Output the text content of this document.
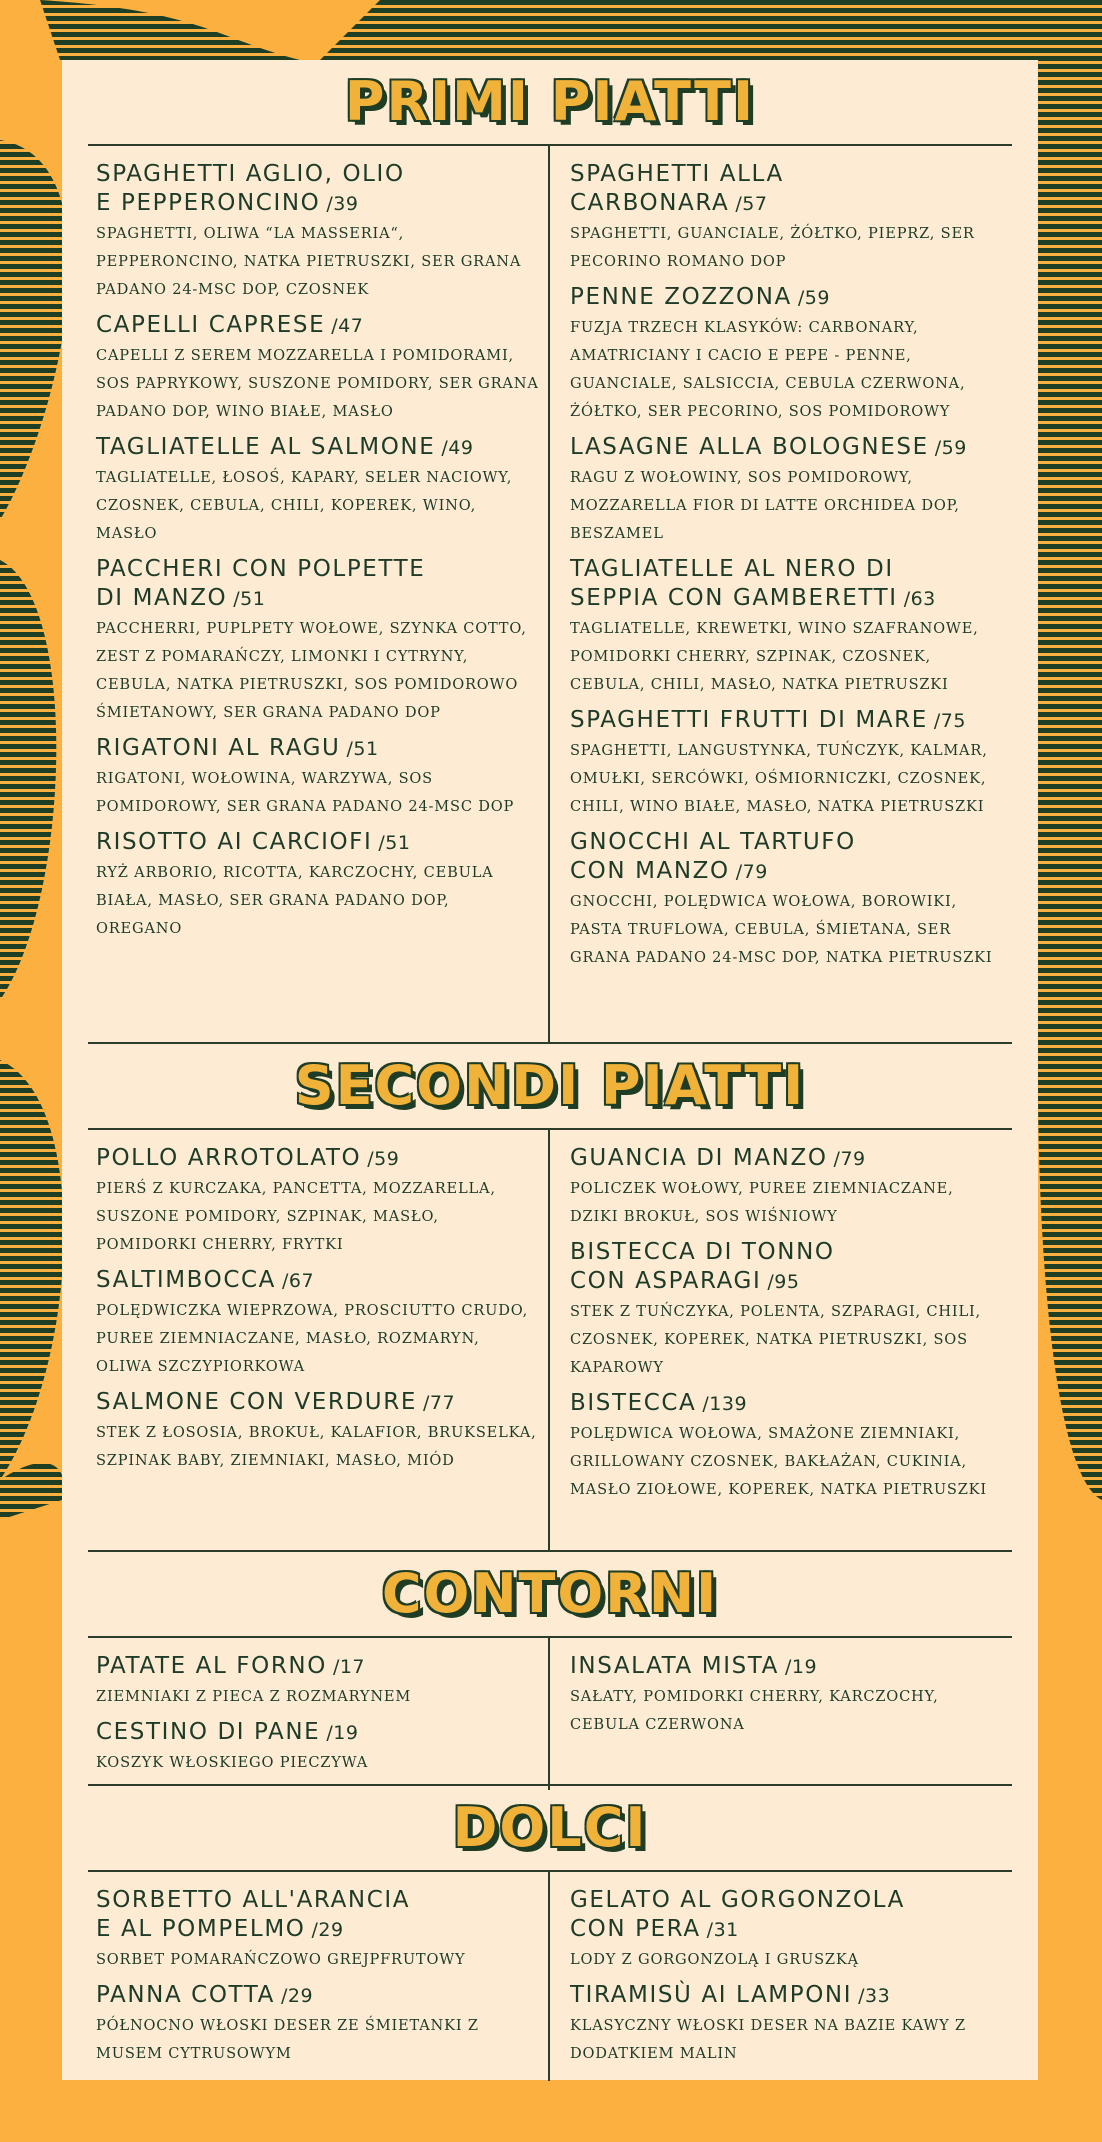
PRIMI PIATTI
SPAGHETTI AGLIO, OLIO
E PEPPERONCINO /39
SPAGHETTI, OLIWA “LA MASSERIA“, PEPPERONCINO, NATKA PIETRUSZKI, SER GRANA PADANO 24-MSC DOP, CZOSNEK
CAPELLI CAPRESE /47
CAPELLI Z SEREM MOZZARELLA I POMIDORAMI, SOS PAPRYKOWY, SUSZONE POMIDORY, SER GRANA PADANO DOP, WINO BIAŁE, MASŁO
TAGLIATELLE AL SALMONE /49
TAGLIATELLE, ŁOSOŚ, KAPARY, SELER NACIOWY, CZOSNEK, CEBULA, CHILI, KOPEREK, WINO, MASŁO
PACCHERI CON POLPETTE
DI MANZO /51
PACCHERRI, PUPLPETY WOŁOWE, SZYNKA COTTO, ZEST Z POMARAŃCZY, LIMONKI I CYTRYNY, CEBULA, NATKA PIETRUSZKI, SOS POMIDOROWO ŚMIETANOWY, SER GRANA PADANO DOP
RIGATONI AL RAGU /51
RIGATONI, WOŁOWINA, WARZYWA, SOS POMIDOROWY, SER GRANA PADANO 24-MSC DOP
RISOTTO AI CARCIOFI /51
RYŻ ARBORIO, RICOTTA, KARCZOCHY, CEBULA BIAŁA, MASŁO, SER GRANA PADANO DOP, OREGANO
SPAGHETTI ALLA
CARBONARA /57
SPAGHETTI, GUANCIALE, ŻÓŁTKO, PIEPRZ, SER PECORINO ROMANO DOP
PENNE ZOZZONA /59
FUZJA TRZECH KLASYKÓW: CARBONARY, AMATRICIANY I CACIO E PEPE - PENNE, GUANCIALE, SALSICCIA, CEBULA CZERWONA, ŻÓŁTKO, SER PECORINO, SOS POMIDOROWY
LASAGNE ALLA BOLOGNESE /59
RAGU Z WOŁOWINY, SOS POMIDOROWY, MOZZARELLA FIOR DI LATTE ORCHIDEA DOP, BESZAMEL
TAGLIATELLE AL NERO DI
SEPPIA CON GAMBERETTI /63
TAGLIATELLE, KREWETKI, WINO SZAFRANOWE, POMIDORKI CHERRY, SZPINAK, CZOSNEK, CEBULA, CHILI, MASŁO, NATKA PIETRUSZKI
SPAGHETTI FRUTTI DI MARE /75
SPAGHETTI, LANGUSTYNKA, TUŃCZYK, KALMAR, OMUŁKI, SERCÓWKI, OŚMIORNICZKI, CZOSNEK, CHILI, WINO BIAŁE, MASŁO, NATKA PIETRUSZKI
GNOCCHI AL TARTUFO
CON MANZO /79
GNOCCHI, POLĘDWICA WOŁOWA, BOROWIKI, PASTA TRUFLOWA, CEBULA, ŚMIETANA, SER GRANA PADANO 24-MSC DOP, NATKA PIETRUSZKI
SECONDI PIATTI
POLLO ARROTOLATO /59
PIERŚ Z KURCZAKA, PANCETTA, MOZZARELLA, SUSZONE POMIDORY, SZPINAK, MASŁO, POMIDORKI CHERRY, FRYTKI
SALTIMBOCCA /67
POLĘDWICZKA WIEPRZOWA, PROSCIUTTO CRUDO, PUREE ZIEMNIACZANE, MASŁO, ROZMARYN, OLIWA SZCZYPIORKOWA
SALMONE CON VERDURE /77
STEK Z ŁOSOSIA, BROKUŁ, KALAFIOR, BRUKSELKA, SZPINAK BABY, ZIEMNIAKI, MASŁO, MIÓD
GUANCIA DI MANZO /79
POLICZEK WOŁOWY, PUREE ZIEMNIACZANE, DZIKI BROKUŁ, SOS WIŚNIOWY
BISTECCA DI TONNO
CON ASPARAGI /95
STEK Z TUŃCZYKA, POLENTA, SZPARAGI, CHILI, CZOSNEK, KOPEREK, NATKA PIETRUSZKI, SOS KAPAROWY
BISTECCA /139
POLĘDWICA WOŁOWA, SMAŻONE ZIEMNIAKI, GRILLOWANY CZOSNEK, BAKŁAŻAN, CUKINIA, MASŁO ZIOŁOWE, KOPEREK, NATKA PIETRUSZKI
CONTORNI
PATATE AL FORNO /17
ZIEMNIAKI Z PIECA Z ROZMARYNEM
CESTINO DI PANE /19
KOSZYK WŁOSKIEGO PIECZYWA
INSALATA MISTA /19
SAŁATY, POMIDORKI CHERRY, KARCZOCHY, CEBULA CZERWONA
DOLCI
SORBETTO ALL'ARANCIA
E AL POMPELMO /29
SORBET POMARAŃCZOWO GREJPFRUTOWY
PANNA COTTA /29
PÓŁNOCNO WŁOSKI DESER ZE ŚMIETANKI Z MUSEM CYTRUSOWYM
GELATO AL GORGONZOLA
CON PERA /31
LODY Z GORGONZOLĄ I GRUSZKĄ
TIRAMISÙ AI LAMPONI /33
KLASYCZNY WŁOSKI DESER NA BAZIE KAWY Z DODATKIEM MALIN
